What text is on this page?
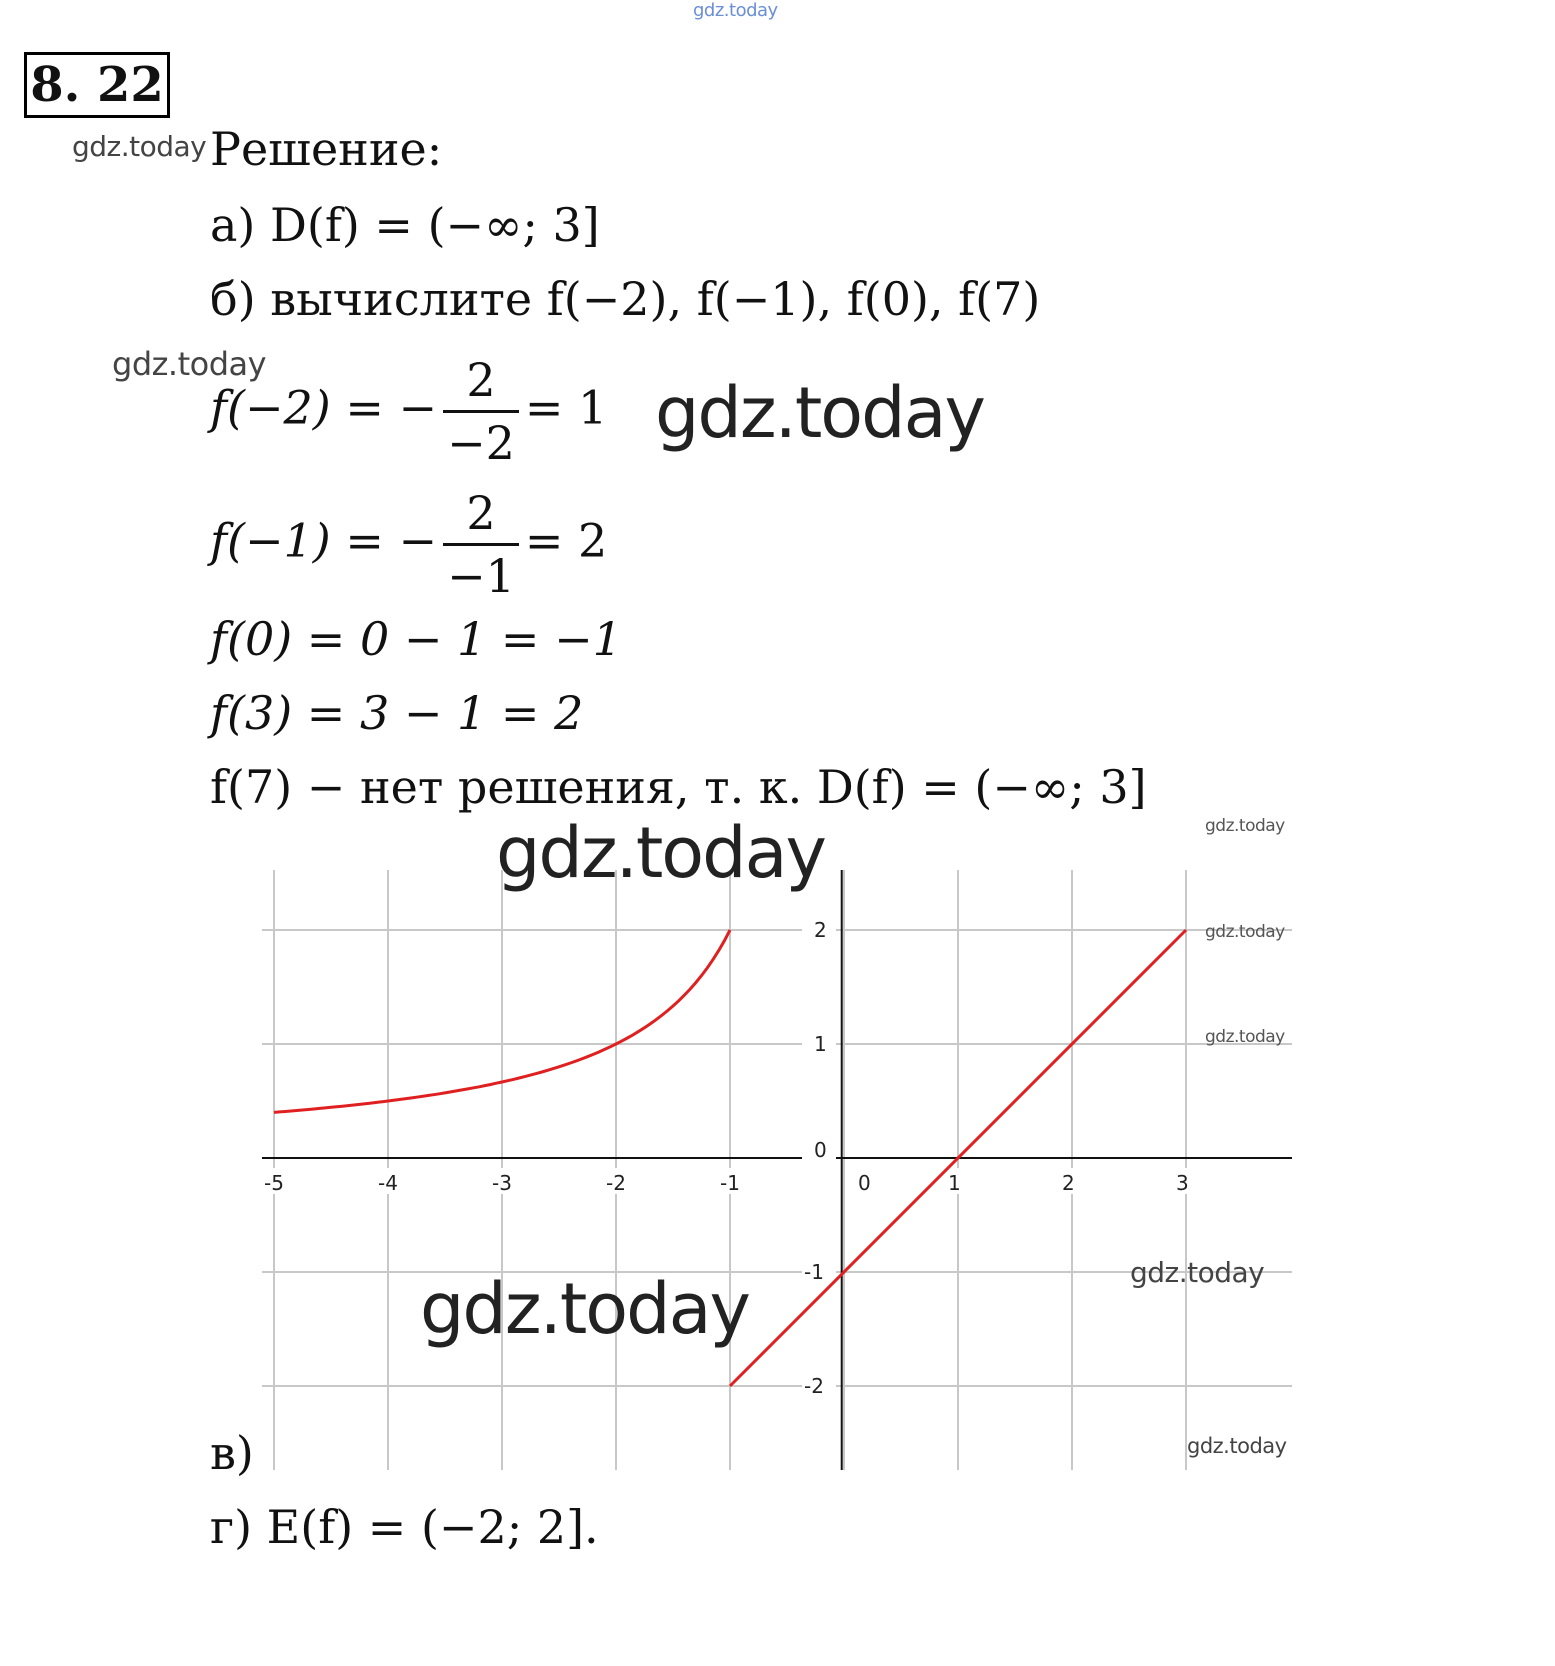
gdz.today
8. 22
gdz.today Решение:
а) D(f) = (−∞; 3]
б) вычислите f(−2), f(−1), f(0), f(7)
gdz.today
f(−2) = − $\frac{2}{-2} = 1$ gdz.today
f(−1) = − $\frac{2}{-1} = 2$
f(0) = 0 − 1 = −1
f(3) = 3 − 1 = 2
f(7) − нет решения, т. к. D(f) = (−∞; 3]
-5	-4	-3	-2	-1	0	1	2	3
2
1
0
-1
-2
gdz.today	gdz.today
gdz.today
gdz.today
gdz.today
gdz.today
gdz.today
в)
г) E(f) = (−2; 2].
